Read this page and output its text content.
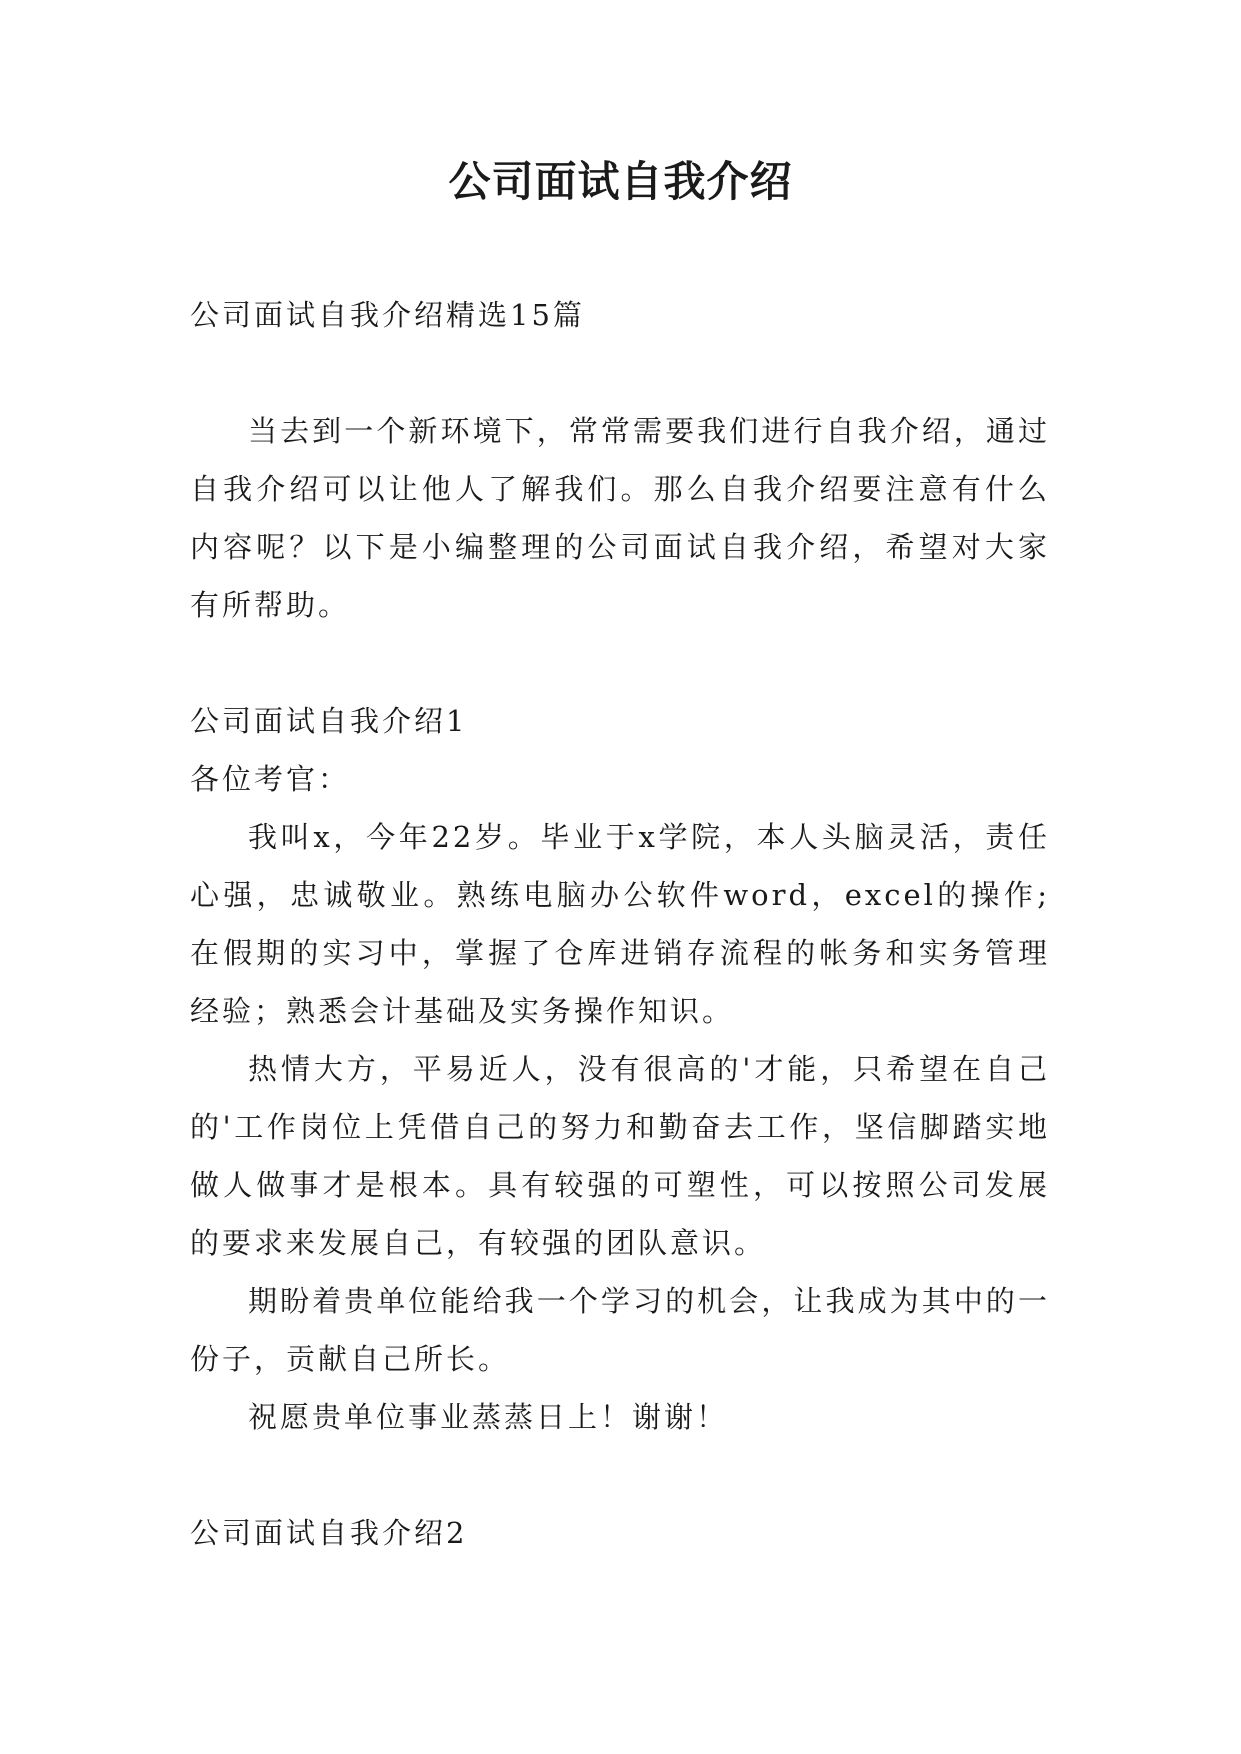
公司面试自我介绍

公司面试自我介绍精选15篇

当去到一个新环境下，常常需要我们进行自我介绍，通过自我介绍可以让他人了解我们。那么自我介绍要注意有什么内容呢？以下是小编整理的公司面试自我介绍，希望对大家有所帮助。

公司面试自我介绍1

各位考官：

我叫x，今年22岁。毕业于x学院，本人头脑灵活，责任心强，忠诚敬业。熟练电脑办公软件word，excel的操作;在假期的实习中，掌握了仓库进销存流程的帐务和实务管理经验；熟悉会计基础及实务操作知识。

热情大方，平易近人，没有很高的'才能，只希望在自己的'工作岗位上凭借自己的努力和勤奋去工作，坚信脚踏实地做人做事才是根本。具有较强的可塑性，可以按照公司发展的要求来发展自己，有较强的团队意识。

期盼着贵单位能给我一个学习的机会，让我成为其中的一份子，贡献自己所长。

祝愿贵单位事业蒸蒸日上！谢谢！

公司面试自我介绍2
